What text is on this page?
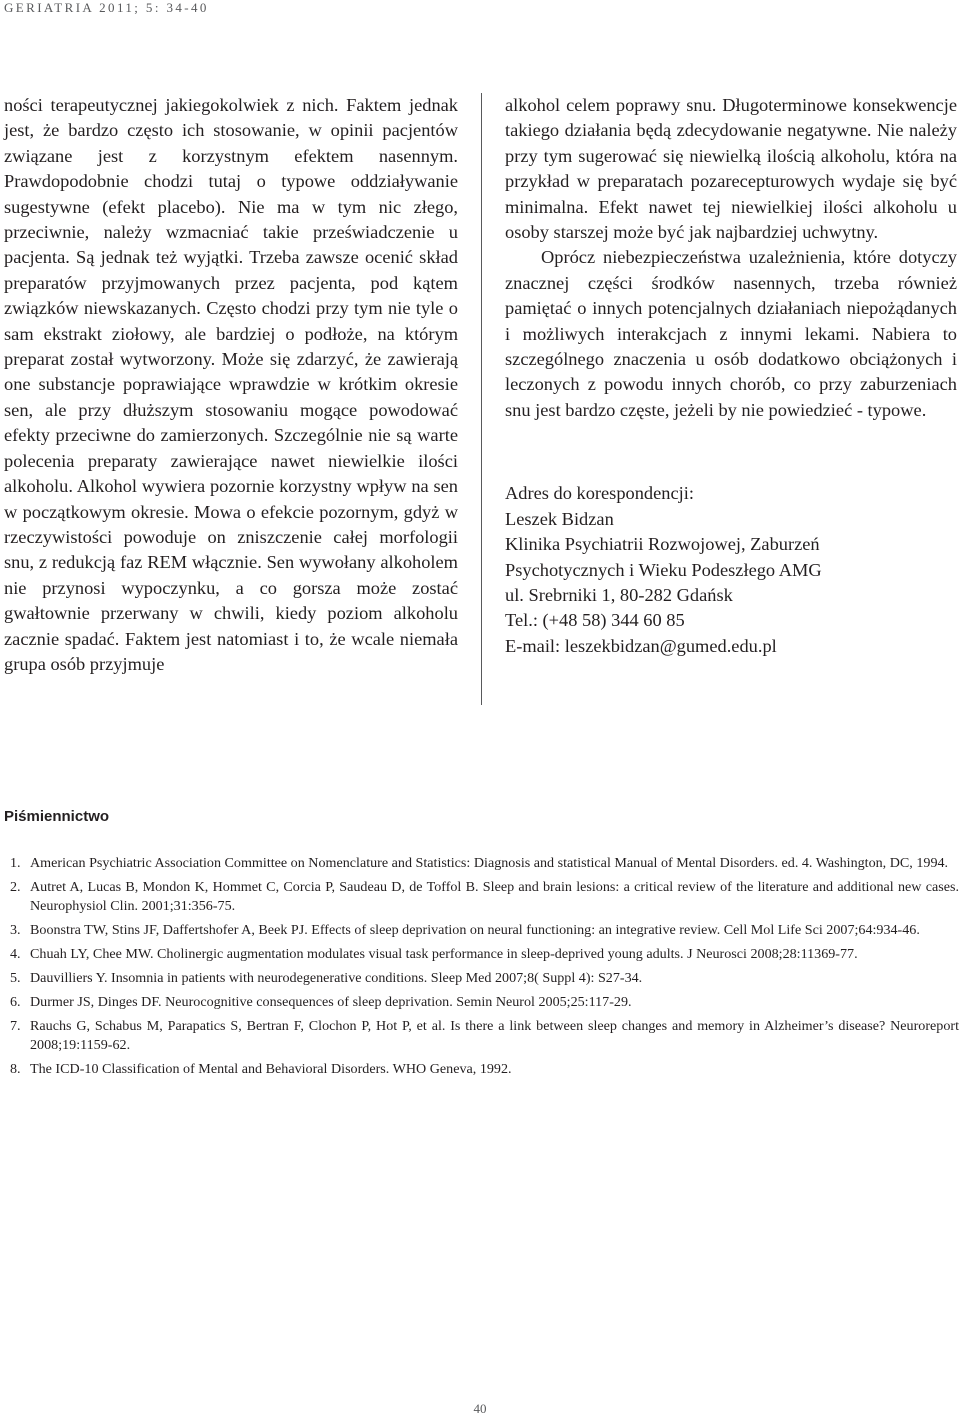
GERIATRIA 2011; 5: 34-40

ności terapeutycznej jakiegokolwiek z nich. Faktem jednak jest, że bardzo często ich stosowanie, w opinii pacjentów związane jest z korzystnym efektem nasennym. Prawdopodobnie chodzi tutaj o typowe oddziaływanie sugestywne (efekt placebo). Nie ma w tym nic złego, przeciwnie, należy wzmacniać takie przeświadczenie u pacjenta. Są jednak też wyjątki. Trzeba zawsze ocenić skład preparatów przyjmowanych przez pacjenta, pod kątem związków niewskazanych. Często chodzi przy tym nie tyle o sam ekstrakt ziołowy, ale bardziej o podłoże, na którym preparat został wytworzony. Może się zdarzyć, że zawierają one substancje poprawiające wprawdzie w krótkim okresie sen, ale przy dłuższym stosowaniu mogące powodować efekty przeciwne do zamierzonych. Szczególnie nie są warte polecenia preparaty zawierające nawet niewielkie ilości alkoholu. Alkohol wywiera pozornie korzystny wpływ na sen w początkowym okresie. Mowa o efekcie pozornym, gdyż w rzeczywistości powoduje on zniszczenie całej morfologii snu, z redukcją faz REM włącznie. Sen wywołany alkoholem nie przynosi wypoczynku, a co gorsza może zostać gwałtownie przerwany w chwili, kiedy poziom alkoholu zacznie spadać. Faktem jest natomiast i to, że wcale niemała grupa osób przyjmuje

alkohol celem poprawy snu. Długoterminowe konsekwencje takiego działania będą zdecydowanie negatywne. Nie należy przy tym sugerować się niewielką ilością alkoholu, która na przykład w preparatach pozarecepturowych wydaje się być minimalna. Efekt nawet tej niewielkiej ilości alkoholu u osoby starszej może być jak najbardziej uchwytny.

Oprócz niebezpieczeństwa uzależnienia, które dotyczy znacznej części środków nasennych, trzeba również pamiętać o innych potencjalnych działaniach niepożądanych i możliwych interakcjach z innymi lekami. Nabiera to szczególnego znaczenia u osób dodatkowo obciążonych i leczonych z powodu innych chorób, co przy zaburzeniach snu jest bardzo częste, jeżeli by nie powiedzieć - typowe.

Adres do korespondencji:
Leszek Bidzan
Klinika Psychiatrii Rozwojowej, Zaburzeń
Psychotycznych i Wieku Podeszłego AMG
ul. Srebrniki 1, 80-282 Gdańsk
Tel.: (+48 58) 344 60 85
E-mail: leszekbidzan@gumed.edu.pl

Piśmiennictwo
1. American Psychiatric Association Committee on Nomenclature and Statistics: Diagnosis and statistical Manual of Mental Disorders. ed. 4. Washington, DC, 1994.
2. Autret A, Lucas B, Mondon K, Hommet C, Corcia P, Saudeau D, de Toffol B. Sleep and brain lesions: a critical review of the literature and additional new cases. Neurophysiol Clin. 2001;31:356-75.
3. Boonstra TW, Stins JF, Daffertshofer A, Beek PJ. Effects of sleep deprivation on neural functioning: an integrative review. Cell Mol Life Sci 2007;64:934-46.
4. Chuah LY, Chee MW. Cholinergic augmentation modulates visual task performance in sleep-deprived young adults. J Neurosci 2008;28:11369-77.
5. Dauvilliers Y. Insomnia in patients with neurodegenerative conditions. Sleep Med 2007;8( Suppl 4): S27-34.
6. Durmer JS, Dinges DF. Neurocognitive consequences of sleep deprivation. Semin Neurol 2005;25:117-29.
7. Rauchs G, Schabus M, Parapatics S, Bertran F, Clochon P, Hot P, et al. Is there a link between sleep changes and memory in Alzheimer’s disease? Neuroreport 2008;19:1159-62.
8. The ICD-10 Classification of Mental and Behavioral Disorders. WHO Geneva, 1992.
40
